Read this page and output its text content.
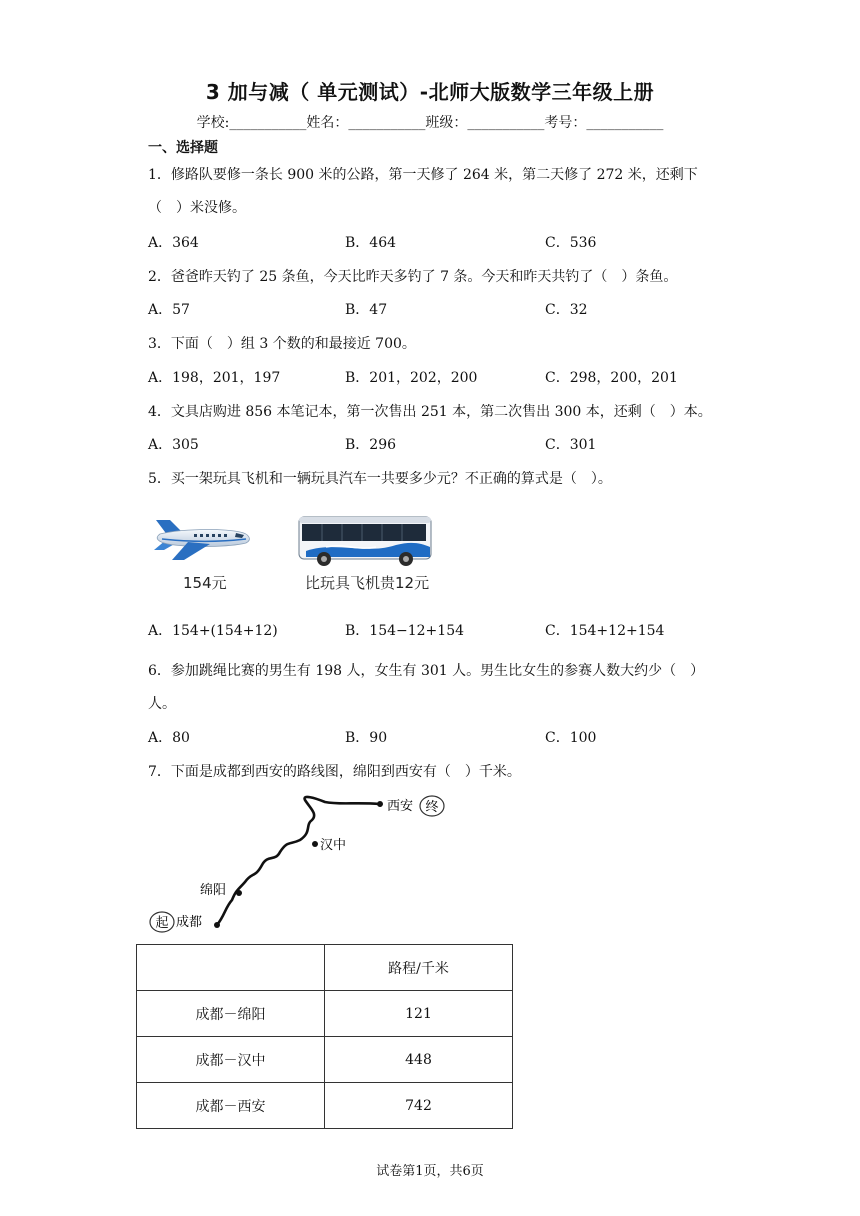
3 加与减（ 单元测试）-北师大版数学三年级上册
学校:___________姓名：___________班级：___________考号：___________
一、选择题
1．修路队要修一条长 900 米的公路，第一天修了 264 米，第二天修了 272 米，还剩下
（　）米没修。
A．364	B．464	C．536
2．爸爸昨天钓了 25 条鱼，今天比昨天多钓了 7 条。今天和昨天共钓了（　）条鱼。
A．57	B．47	C．32
3．下面（　）组 3 个数的和最接近 700。
A．198，201，197	B．201，202，200	C．298，200，201
4．文具店购进 856 本笔记本，第一次售出 251 本，第二次售出 300 本，还剩（　）本。
A．305	B．296	C．301
5．买一架玩具飞机和一辆玩具汽车一共要多少元？不正确的算式是（　）。
154元	比玩具飞机贵12元
A．154+(154+12)	B．154−12+154	C．154+12+154
6．参加跳绳比赛的男生有 198 人，女生有 301 人。男生比女生的参赛人数大约少（　）
人。
A．80	B．90	C．100
7．下面是成都到西安的路线图，绵阳到西安有（　）千米。
起
终
成都
绵阳
汉中
西安
	路程/千米
成都－绵阳	121
成都－汉中	448
成都－西安	742
试卷第1页，共6页
